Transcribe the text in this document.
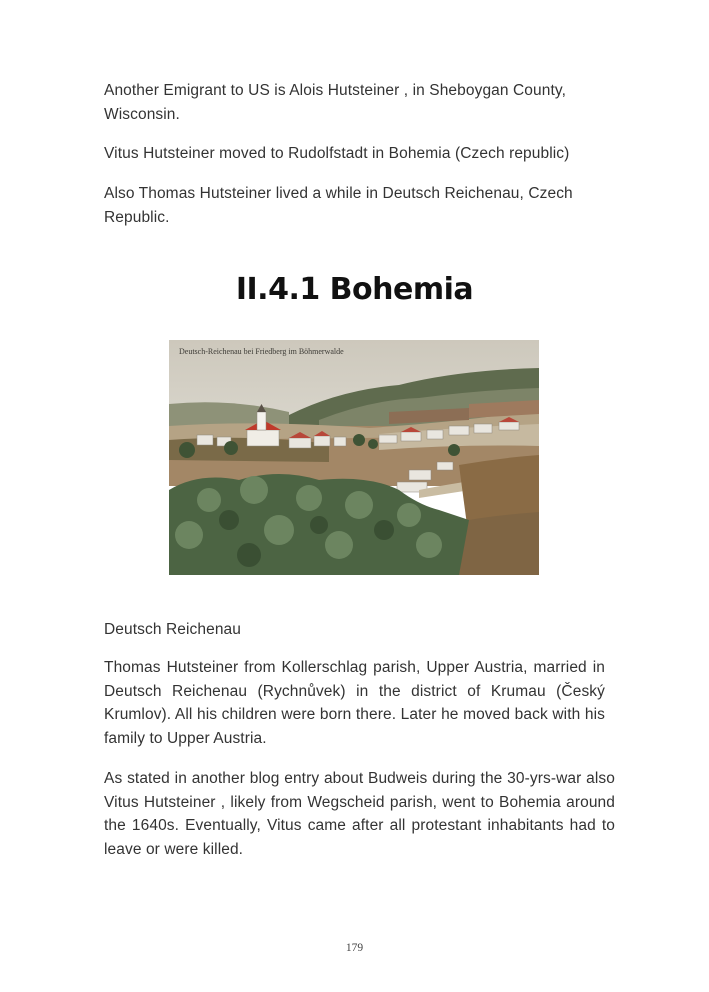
Another Emigrant to US is Alois Hutsteiner , in Sheboygan County, Wisconsin.

Vitus Hutsteiner moved to Rudolfstadt in Bohemia (Czech republic)

Also Thomas Hutsteiner lived a while in Deutsch Reichenau, Czech Republic.

II.4.1 Bohemia
Deutsch-Reichenau bei Friedberg im Böhmerwalde

Deutsch Reichenau

Thomas Hutsteiner from Kollerschlag parish, Upper Austria, married in Deutsch Reichenau (Rychnůvek) in the district of Krumau (Český Krumlov). All his children were born there. Later he moved back with his family to Upper Austria.

As stated in another blog entry about Budweis during the 30-yrs-war also Vitus Hutsteiner , likely from Wegscheid parish, went to Bohemia around the 1640s. Eventually, Vitus came after all protestant inhabitants had to leave or were killed.

179
